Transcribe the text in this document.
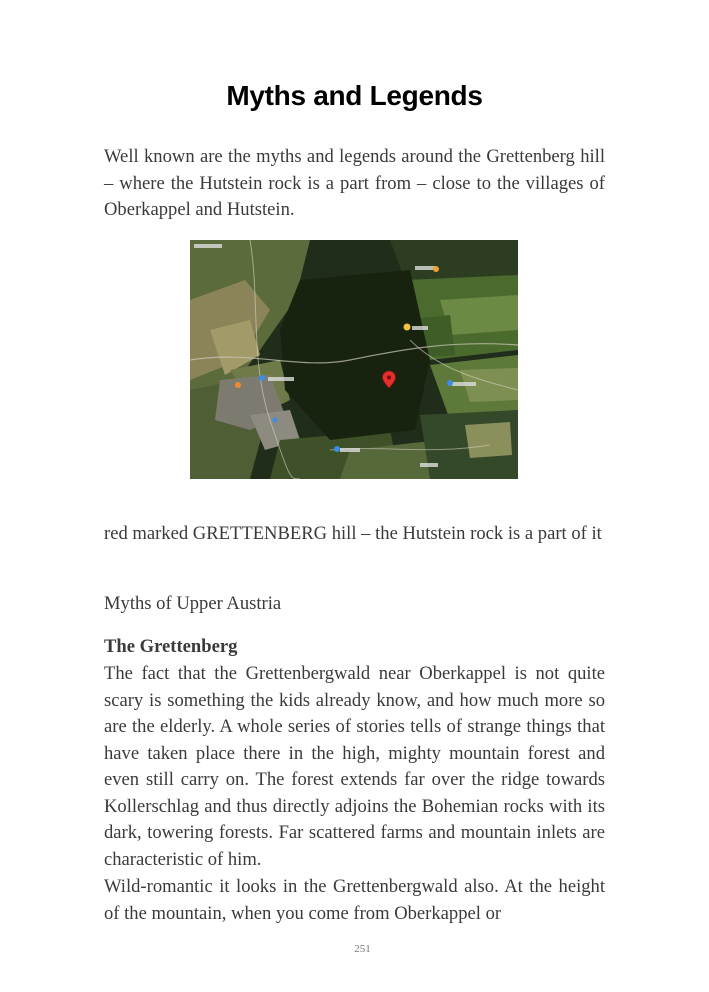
Myths and Legends

Well known are the myths and legends around the Grettenberg hill – where the Hutstein rock is a part from – close to the villages of Oberkappel and Hutstein.

red marked GRETTENBERG hill – the Hutstein rock is a part of it

Myths of Upper Austria

The Grettenberg

The fact that the Grettenbergwald near Oberkappel is not quite scary is something the kids already know, and how much more so are the elderly. A whole series of stories tells of strange things that have taken place there in the high, mighty mountain forest and even still carry on. The forest extends far over the ridge towards Kollerschlag and thus directly adjoins the Bohemian rocks with its dark, towering forests. Far scattered farms and mountain inlets are characteristic of him.

Wild-romantic it looks in the Grettenbergwald also. At the height of the mountain, when you come from Oberkappel or

251
